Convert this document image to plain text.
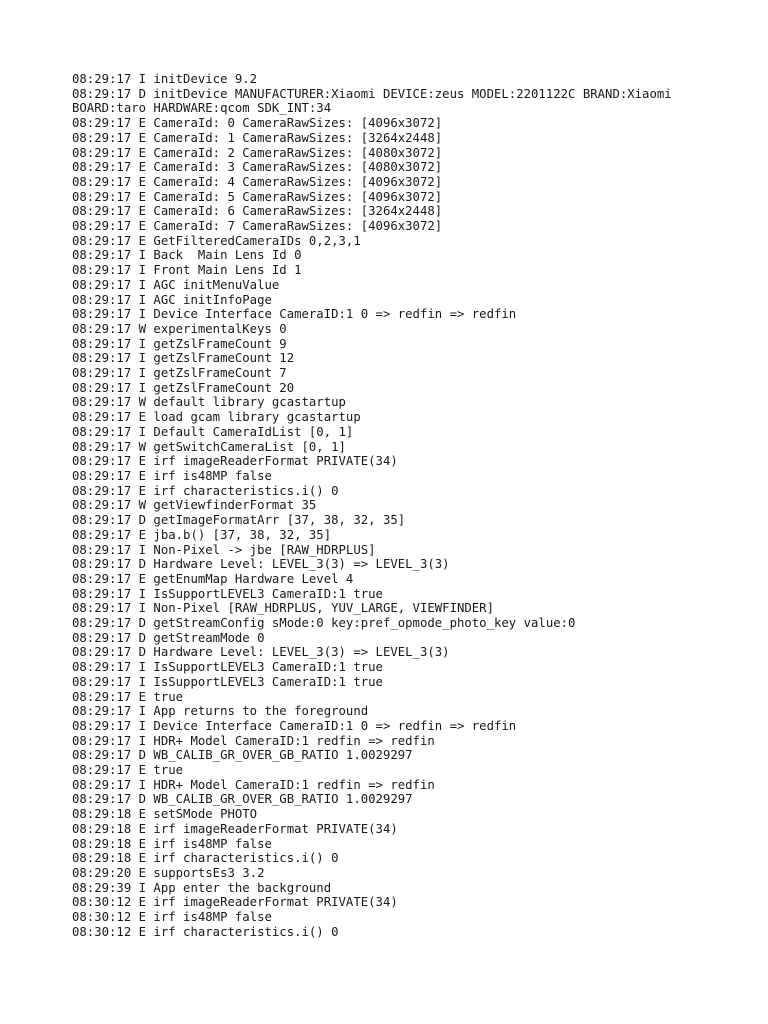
08:29:17 I initDevice 9.2
08:29:17 D initDevice MANUFACTURER:Xiaomi DEVICE:zeus MODEL:2201122C BRAND:Xiaomi
BOARD:taro HARDWARE:qcom SDK_INT:34
08:29:17 E CameraId: 0 CameraRawSizes: [4096x3072]
08:29:17 E CameraId: 1 CameraRawSizes: [3264x2448]
08:29:17 E CameraId: 2 CameraRawSizes: [4080x3072]
08:29:17 E CameraId: 3 CameraRawSizes: [4080x3072]
08:29:17 E CameraId: 4 CameraRawSizes: [4096x3072]
08:29:17 E CameraId: 5 CameraRawSizes: [4096x3072]
08:29:17 E CameraId: 6 CameraRawSizes: [3264x2448]
08:29:17 E CameraId: 7 CameraRawSizes: [4096x3072]
08:29:17 E GetFilteredCameraIDs 0,2,3,1
08:29:17 I Back  Main Lens Id 0
08:29:17 I Front Main Lens Id 1
08:29:17 I AGC initMenuValue
08:29:17 I AGC initInfoPage
08:29:17 I Device Interface CameraID:1 0 => redfin => redfin
08:29:17 W experimentalKeys 0
08:29:17 I getZslFrameCount 9
08:29:17 I getZslFrameCount 12
08:29:17 I getZslFrameCount 7
08:29:17 I getZslFrameCount 20
08:29:17 W default library gcastartup
08:29:17 E load gcam library gcastartup
08:29:17 I Default CameraIdList [0, 1]
08:29:17 W getSwitchCameraList [0, 1]
08:29:17 E irf imageReaderFormat PRIVATE(34)
08:29:17 E irf is48MP false
08:29:17 E irf characteristics.i() 0
08:29:17 W getViewfinderFormat 35
08:29:17 D getImageFormatArr [37, 38, 32, 35]
08:29:17 E jba.b() [37, 38, 32, 35]
08:29:17 I Non-Pixel -> jbe [RAW_HDRPLUS]
08:29:17 D Hardware Level: LEVEL_3(3) => LEVEL_3(3)
08:29:17 E getEnumMap Hardware Level 4
08:29:17 I IsSupportLEVEL3 CameraID:1 true
08:29:17 I Non-Pixel [RAW_HDRPLUS, YUV_LARGE, VIEWFINDER]
08:29:17 D getStreamConfig sMode:0 key:pref_opmode_photo_key value:0
08:29:17 D getStreamMode 0
08:29:17 D Hardware Level: LEVEL_3(3) => LEVEL_3(3)
08:29:17 I IsSupportLEVEL3 CameraID:1 true
08:29:17 I IsSupportLEVEL3 CameraID:1 true
08:29:17 E true
08:29:17 I App returns to the foreground
08:29:17 I Device Interface CameraID:1 0 => redfin => redfin
08:29:17 I HDR+ Model CameraID:1 redfin => redfin
08:29:17 D WB_CALIB_GR_OVER_GB_RATIO 1.0029297
08:29:17 E true
08:29:17 I HDR+ Model CameraID:1 redfin => redfin
08:29:17 D WB_CALIB_GR_OVER_GB_RATIO 1.0029297
08:29:18 E setSMode PHOTO
08:29:18 E irf imageReaderFormat PRIVATE(34)
08:29:18 E irf is48MP false
08:29:18 E irf characteristics.i() 0
08:29:20 E supportsEs3 3.2
08:29:39 I App enter the background
08:30:12 E irf imageReaderFormat PRIVATE(34)
08:30:12 E irf is48MP false
08:30:12 E irf characteristics.i() 0
